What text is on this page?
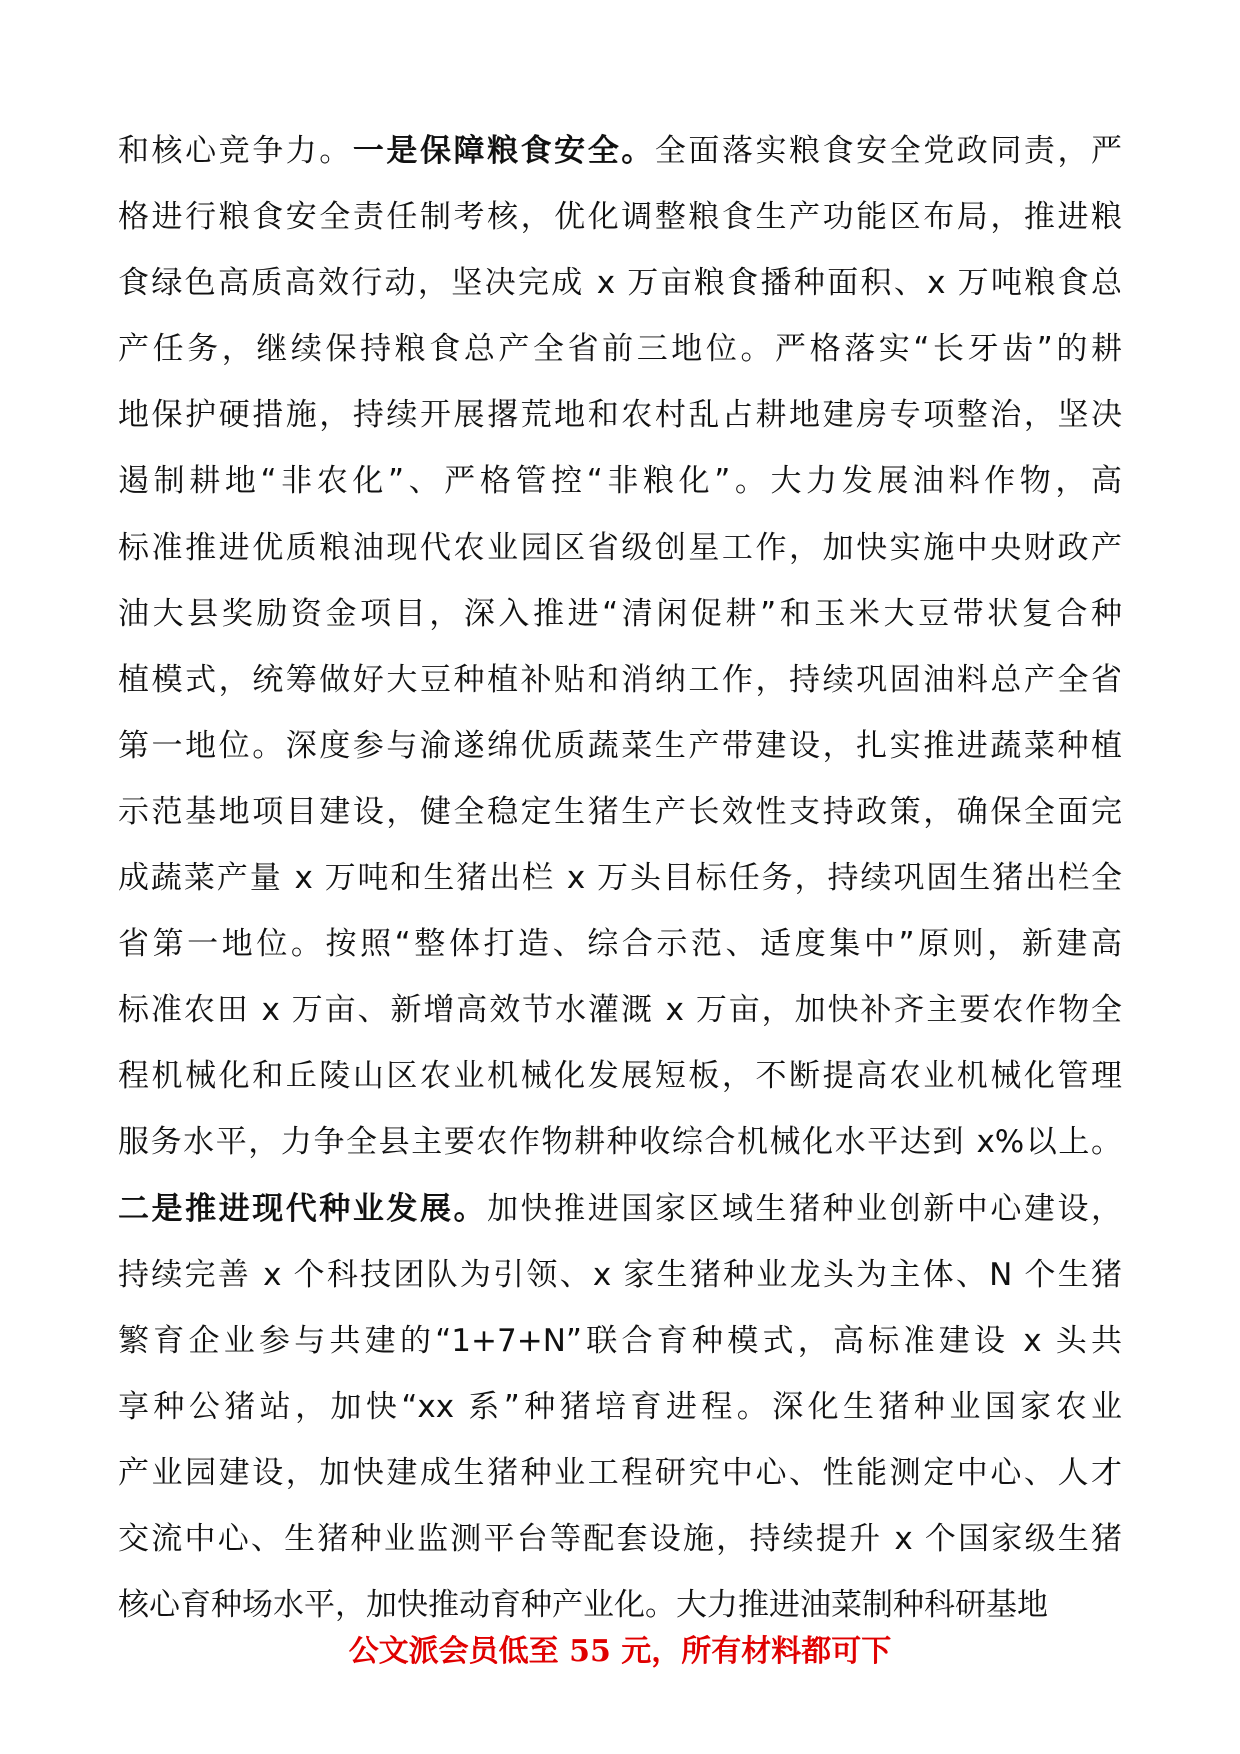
和核心竞争力。一是保障粮食安全。全面落实粮食安全党政同责，严
格进行粮食安全责任制考核，优化调整粮食生产功能区布局，推进粮
食绿色高质高效行动，坚决完成 x 万亩粮食播种面积、x 万吨粮食总
产任务，继续保持粮食总产全省前三地位。严格落实“长牙齿”的耕
地保护硬措施，持续开展撂荒地和农村乱占耕地建房专项整治，坚决
遏制耕地“非农化”、严格管控“非粮化”。大力发展油料作物，高
标准推进优质粮油现代农业园区省级创星工作，加快实施中央财政产
油大县奖励资金项目，深入推进“清闲促耕”和玉米大豆带状复合种
植模式，统筹做好大豆种植补贴和消纳工作，持续巩固油料总产全省
第一地位。深度参与渝遂绵优质蔬菜生产带建设，扎实推进蔬菜种植
示范基地项目建设，健全稳定生猪生产长效性支持政策，确保全面完
成蔬菜产量 x 万吨和生猪出栏 x 万头目标任务，持续巩固生猪出栏全
省第一地位。按照“整体打造、综合示范、适度集中”原则，新建高
标准农田 x 万亩、新增高效节水灌溉 x 万亩，加快补齐主要农作物全
程机械化和丘陵山区农业机械化发展短板，不断提高农业机械化管理
服务水平，力争全县主要农作物耕种收综合机械化水平达到 x%以上。
二是推进现代种业发展。加快推进国家区域生猪种业创新中心建设，
持续完善 x 个科技团队为引领、x 家生猪种业龙头为主体、N 个生猪
繁育企业参与共建的“1+7+N”联合育种模式，高标准建设 x 头共
享种公猪站，加快“xx 系”种猪培育进程。深化生猪种业国家农业
产业园建设，加快建成生猪种业工程研究中心、性能测定中心、人才
交流中心、生猪种业监测平台等配套设施，持续提升 x 个国家级生猪
核心育种场水平，加快推动育种产业化。大力推进油菜制种科研基地
公文派会员低至 55 元，所有材料都可下
